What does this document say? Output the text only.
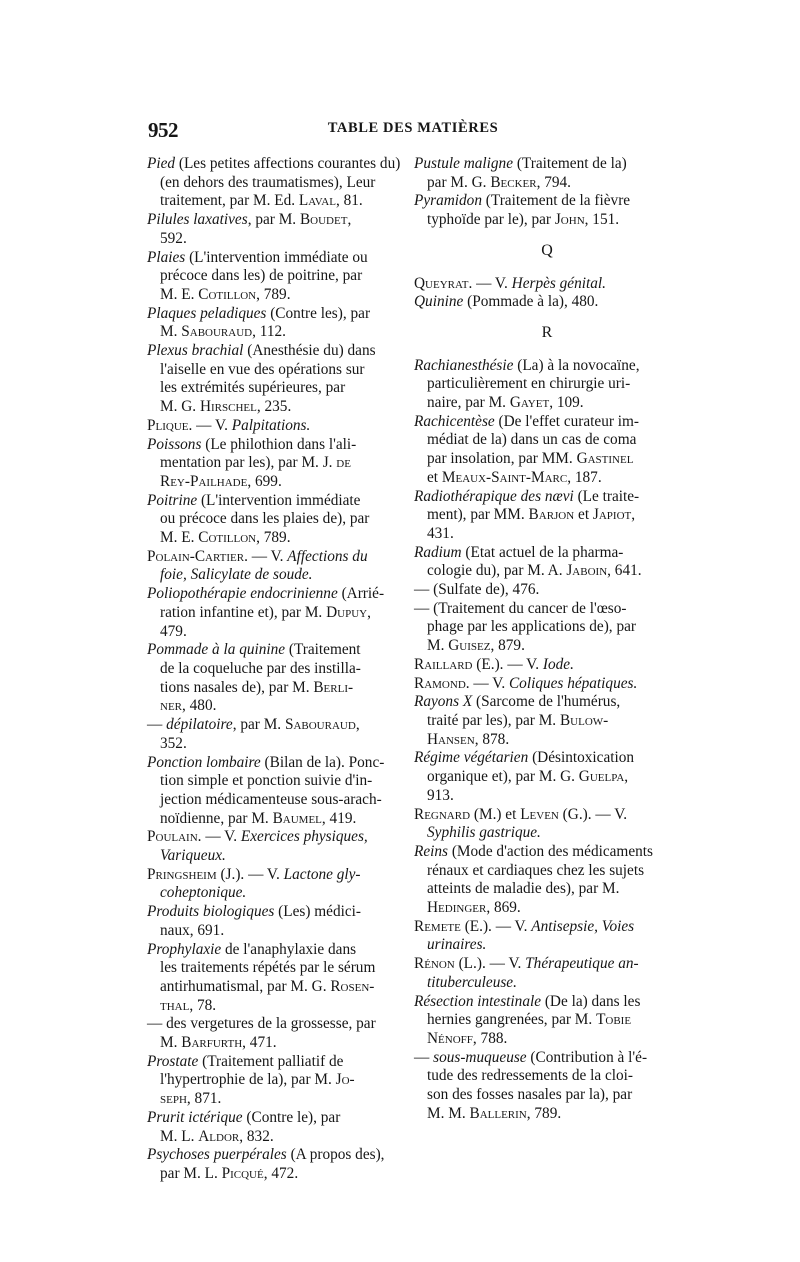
952	TABLE DES MATIÈRES
Pied (Les petites affections courantes du)
(en dehors des traumatismes), Leur
traitement, par M. Ed. Laval, 81.
Pilules laxatives, par M. Boudet,
592.
Plaies (L'intervention immédiate ou
précoce dans les) de poitrine, par
M. E. Cotillon, 789.
Plaques peladiques (Contre les), par
M. Sabouraud, 112.
Plexus brachial (Anesthésie du) dans
l'aiselle en vue des opérations sur
les extrémités supérieures, par
M. G. Hirschel, 235.
Plique. — V. Palpitations.
Poissons (Le philothion dans l'ali-
mentation par les), par M. J. de
Rey-Pailhade, 699.
Poitrine (L'intervention immédiate
ou précoce dans les plaies de), par
M. E. Cotillon, 789.
Polain-Cartier. — V. Affections du
foie, Salicylate de soude.
Poliopothérapie endocrinienne (Arrié-
ration infantine et), par M. Dupuy,
479.
Pommade à la quinine (Traitement
de la coqueluche par des instilla-
tions nasales de), par M. Berli-
ner, 480.
— dépilatoire, par M. Sabouraud,
352.
Ponction lombaire (Bilan de la). Ponc-
tion simple et ponction suivie d'in-
jection médicamenteuse sous-arach-
noïdienne, par M. Baumel, 419.
Poulain. — V. Exercices physiques,
Variqueux.
Pringsheim (J.). — V. Lactone gly-
coheptonique.
Produits biologiques (Les) médici-
naux, 691.
Prophylaxie de l'anaphylaxie dans
les traitements répétés par le sérum
antirhumatismal, par M. G. Rosen-
thal, 78.
— des vergetures de la grossesse, par
M. Barfurth, 471.
Prostate (Traitement palliatif de
l'hypertrophie de la), par M. Jo-
seph, 871.
Prurit ictérique (Contre le), par
M. L. Aldor, 832.
Psychoses puerpérales (A propos des),
par M. L. Picqué, 472.
Pustule maligne (Traitement de la)
par M. G. Becker, 794.
Pyramidon (Traitement de la fièvre
typhoïde par le), par John, 151.
Q
Queyrat. — V. Herpès génital.
Quinine (Pommade à la), 480.
R
Rachianesthésie (La) à la novocaïne,
particulièrement en chirurgie uri-
naire, par M. Gayet, 109.
Rachicentèse (De l'effet curateur im-
médiat de la) dans un cas de coma
par insolation, par MM. Gastinel
et Meaux-Saint-Marc, 187.
Radiothérapique des nævi (Le traite-
ment), par MM. Barjon et Japiot,
431.
Radium (Etat actuel de la pharma-
cologie du), par M. A. Jaboin, 641.
— (Sulfate de), 476.
— (Traitement du cancer de l'œso-
phage par les applications de), par
M. Guisez, 879.
Raillard (E.). — V. Iode.
Ramond. — V. Coliques hépatiques.
Rayons X (Sarcome de l'humérus,
traité par les), par M. Bulow-
Hansen, 878.
Régime végétarien (Désintoxication
organique et), par M. G. Guelpa,
913.
Regnard (M.) et Leven (G.). — V.
Syphilis gastrique.
Reins (Mode d'action des médicaments
rénaux et cardiaques chez les sujets
atteints de maladie des), par M.
Hedinger, 869.
Remete (E.). — V. Antisepsie, Voies
urinaires.
Rénon (L.). — V. Thérapeutique an-
tituberculeuse.
Résection intestinale (De la) dans les
hernies gangrenées, par M. Tobie
Nénoff, 788.
— sous-muqueuse (Contribution à l'é-
tude des redressements de la cloi-
son des fosses nasales par la), par
M. M. Ballerin, 789.
